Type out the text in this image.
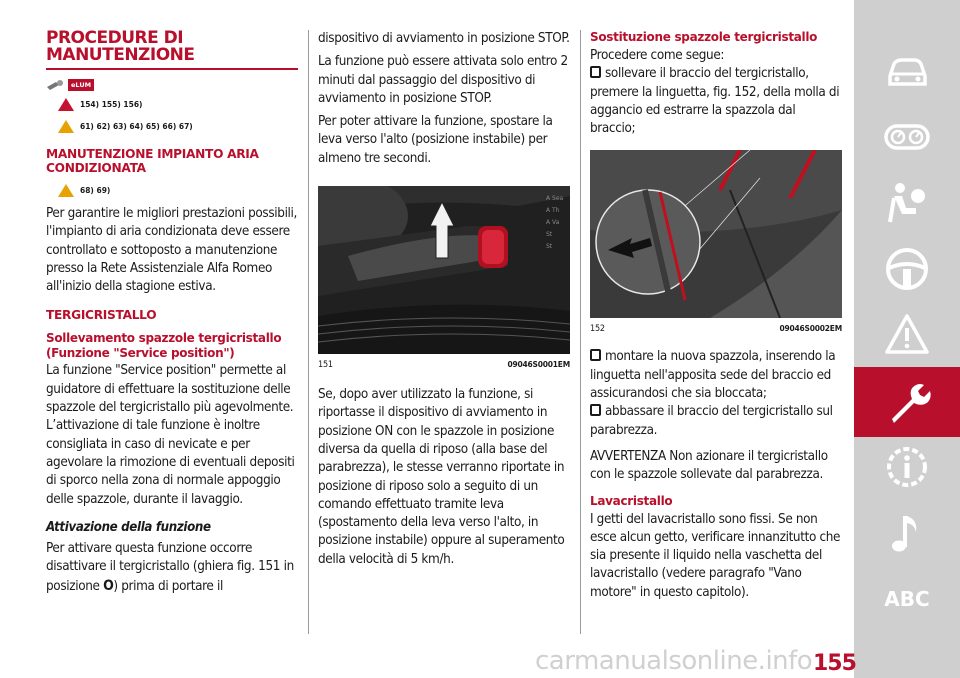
PROCEDURE DI
MANUTENZIONE
eLUM
154) 155) 156)
61) 62) 63) 64) 65) 66) 67)
MANUTENZIONE IMPIANTO ARIA
CONDIZIONATA
68) 69)

Per garantire le migliori prestazioni possibili, l'impianto di aria condizionata deve essere controllato e sottoposto a manutenzione presso la Rete Assistenziale Alfa Romeo all'inizio della stagione estiva.

TERGICRISTALLO
Sollevamento spazzole tergicristallo
(Funzione "Service position")

La funzione "Service position" permette al guidatore di effettuare la sostituzione delle spazzole del tergicristallo più agevolmente. L’attivazione di tale funzione è inoltre consigliata in caso di nevicate e per agevolare la rimozione di eventuali depositi di sporco nella zona di normale appoggio delle spazzole, durante il lavaggio.

Attivazione della funzione

Per attivare questa funzione occorre disattivare il tergicristallo (ghiera fig. 151 in posizione O) prima di portare il

dispositivo di avviamento in posizione STOP.

La funzione può essere attivata solo entro 2 minuti dal passaggio del dispositivo di avviamento in posizione STOP.

Per poter attivare la funzione, spostare la leva verso l'alto (posizione instabile) per almeno tre secondi.

A Sea
A Th
A Va
St
St
151	09046S0001EM

Se, dopo aver utilizzato la funzione, si riportasse il dispositivo di avviamento in posizione ON con le spazzole in posizione diversa da quella di riposo (alla base del parabrezza), le stesse verranno riportate in posizione di riposo solo a seguito di un comando effettuato tramite leva (spostamento della leva verso l'alto, in posizione instabile) oppure al superamento della velocità di 5 km/h.

Sostituzione spazzole tergicristallo

Procedere come segue:

sollevare il braccio del tergicristallo, premere la linguetta, fig. 152, della molla di aggancio ed estrarre la spazzola dal braccio;

152	09046S0002EM

montare la nuova spazzola, inserendo la linguetta nell'apposita sede del braccio ed assicurandosi che sia bloccata;

abbassare il braccio del tergicristallo sul parabrezza.

AVVERTENZA Non azionare il tergicristallo con le spazzole sollevate dal parabrezza.

Lavacristallo

I getti del lavacristallo sono fissi. Se non esce alcun getto, verificare innanzitutto che sia presente il liquido nella vaschetta del lavacristallo (vedere paragrafo "Vano motore" in questo capitolo).	ABC
carmanualsonline.info 155
